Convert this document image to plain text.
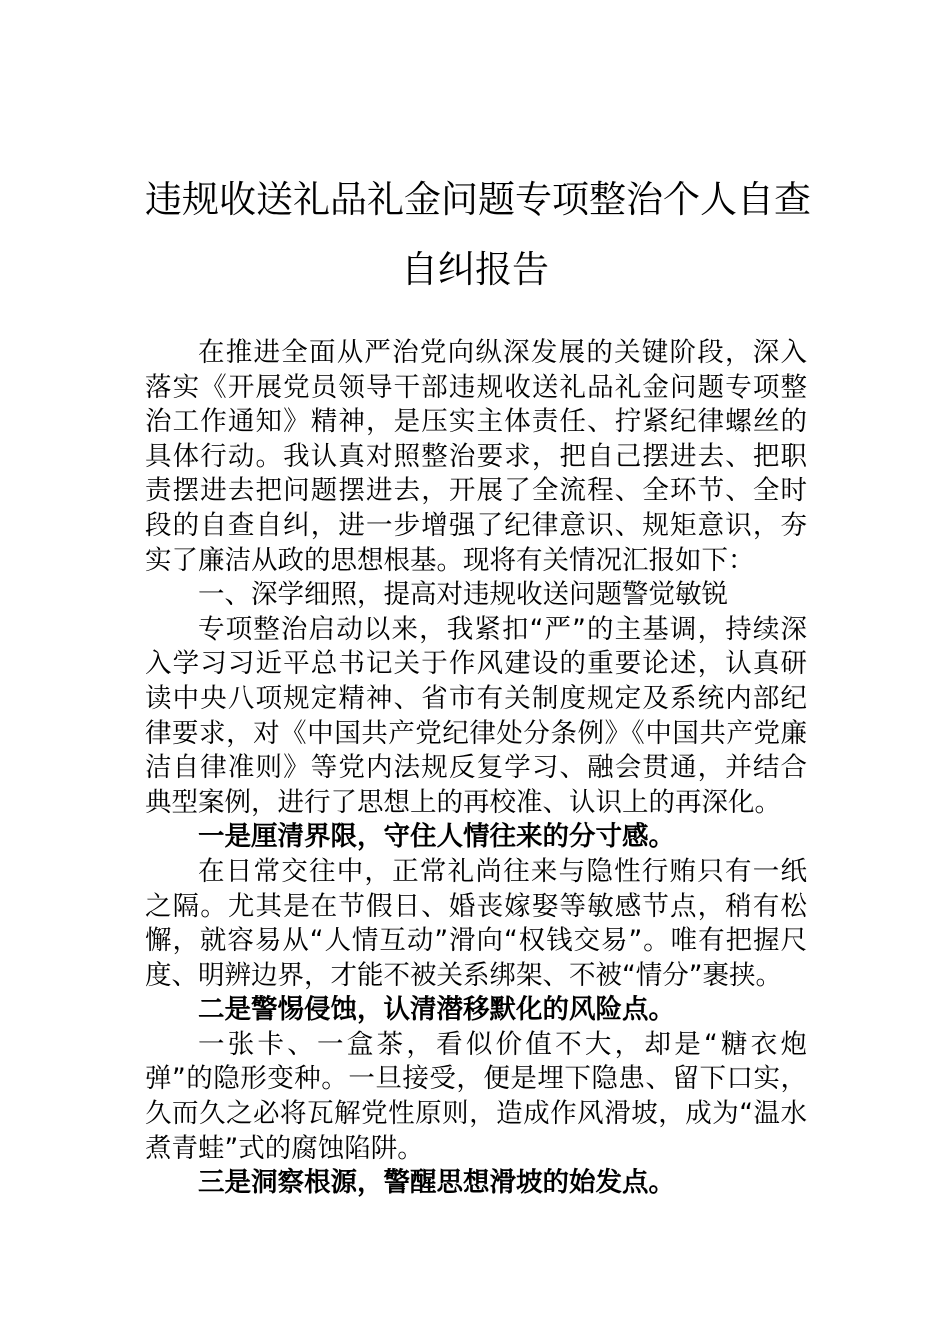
违规收送礼品礼金问题专项整治个人自查
自纠报告

在推进全面从严治党向纵深发展的关键阶段，深入落实《开展党员领导干部违规收送礼品礼金问题专项整治工作通知》精神，是压实主体责任、拧紧纪律螺丝的具体行动。我认真对照整治要求，把自己摆进去、把职责摆进去把问题摆进去，开展了全流程、全环节、全时段的自查自纠，进一步增强了纪律意识、规矩意识，夯实了廉洁从政的思想根基。现将有关情况汇报如下：

一、深学细照，提高对违规收送问题警觉敏锐

专项整治启动以来，我紧扣“严”的主基调，持续深入学习习近平总书记关于作风建设的重要论述，认真研读中央八项规定精神、省市有关制度规定及系统内部纪律要求，对《中国共产党纪律处分条例》《中国共产党廉洁自律准则》等党内法规反复学习、融会贯通，并结合典型案例，进行了思想上的再校准、认识上的再深化。

一是厘清界限，守住人情往来的分寸感。

在日常交往中，正常礼尚往来与隐性行贿只有一纸之隔。尤其是在节假日、婚丧嫁娶等敏感节点，稍有松懈，就容易从“人情互动”滑向“权钱交易”。唯有把握尺度、明辨边界，才能不被关系绑架、不被“情分”裹挟。

二是警惕侵蚀，认清潜移默化的风险点。

一张卡、一盒茶，看似价值不大，却是“糖衣炮弹”的隐形变种。一旦接受，便是埋下隐患、留下口实，久而久之必将瓦解党性原则，造成作风滑坡，成为“温水煮青蛙”式的腐蚀陷阱。

三是洞察根源，警醒思想滑坡的始发点。
